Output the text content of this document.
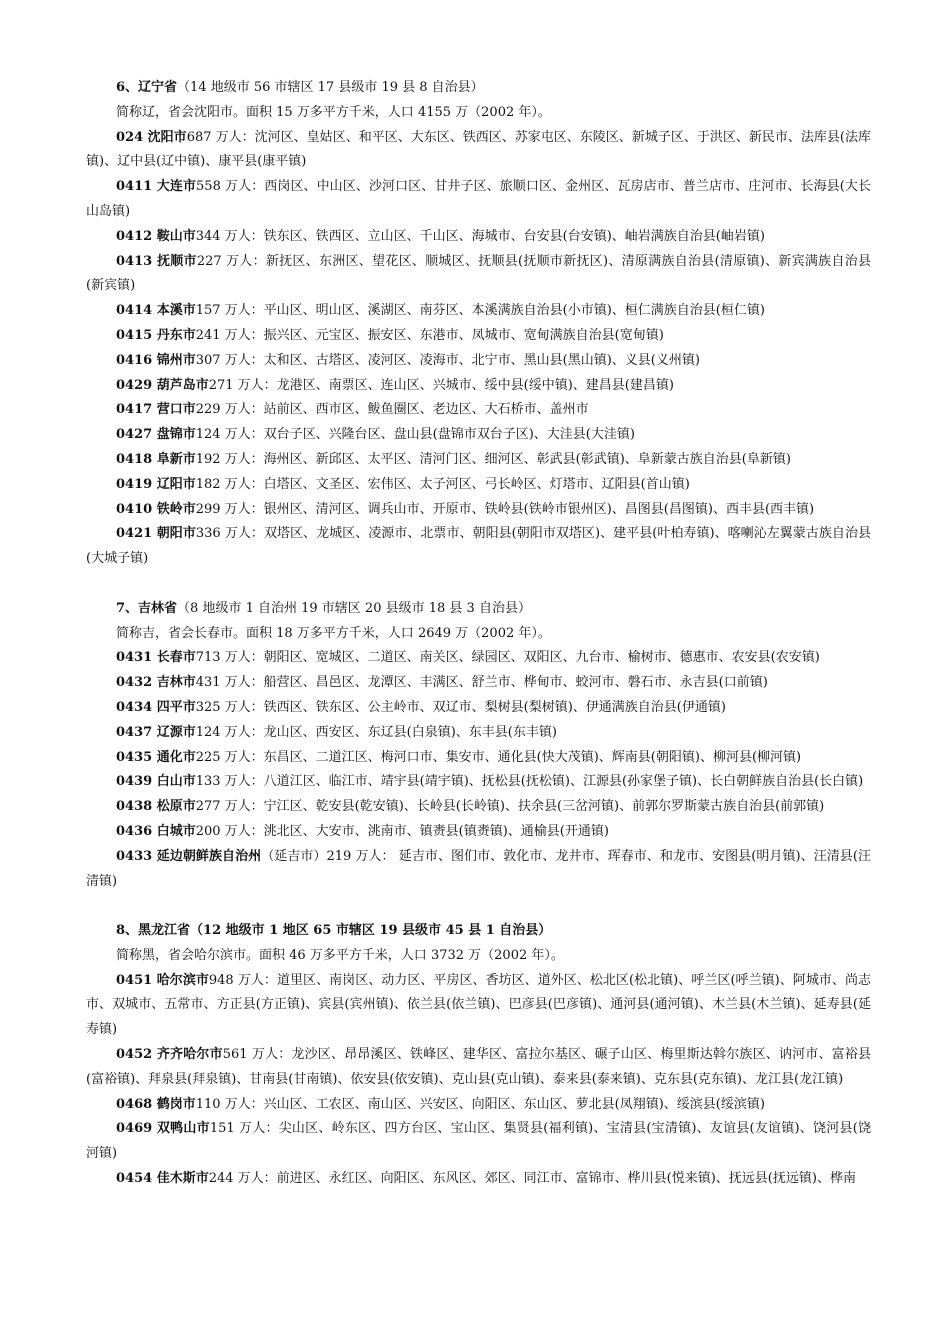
6、辽宁省（14 地级市 56 市辖区 17 县级市 19 县 8 自治县）

简称辽，省会沈阳市。面积 15 万多平方千米，人口 4155 万（2002 年）。

024 沈阳市687 万人：沈河区、皇姑区、和平区、大东区、铁西区、苏家屯区、东陵区、新城子区、于洪区、新民市、法库县(法库镇)、辽中县(辽中镇)、康平县(康平镇)

0411 大连市558 万人：西岗区、中山区、沙河口区、甘井子区、旅顺口区、金州区、瓦房店市、普兰店市、庄河市、长海县(大长山岛镇)

0412 鞍山市344 万人：铁东区、铁西区、立山区、千山区、海城市、台安县(台安镇)、岫岩满族自治县(岫岩镇)

0413 抚顺市227 万人：新抚区、东洲区、望花区、顺城区、抚顺县(抚顺市新抚区)、清原满族自治县(清原镇)、新宾满族自治县(新宾镇)

0414 本溪市157 万人：平山区、明山区、溪湖区、南芬区、本溪满族自治县(小市镇)、桓仁满族自治县(桓仁镇)

0415 丹东市241 万人：振兴区、元宝区、振安区、东港市、凤城市、宽甸满族自治县(宽甸镇)

0416 锦州市307 万人：太和区、古塔区、凌河区、凌海市、北宁市、黑山县(黑山镇)、义县(义州镇)

0429 葫芦岛市271 万人：龙港区、南票区、连山区、兴城市、绥中县(绥中镇)、建昌县(建昌镇)

0417 营口市229 万人：站前区、西市区、鲅鱼圈区、老边区、大石桥市、盖州市

0427 盘锦市124 万人：双台子区、兴隆台区、盘山县(盘锦市双台子区)、大洼县(大洼镇)

0418 阜新市192 万人：海州区、新邱区、太平区、清河门区、细河区、彰武县(彰武镇)、阜新蒙古族自治县(阜新镇)

0419 辽阳市182 万人：白塔区、文圣区、宏伟区、太子河区、弓长岭区、灯塔市、辽阳县(首山镇)

0410 铁岭市299 万人：银州区、清河区、调兵山市、开原市、铁岭县(铁岭市银州区)、昌图县(昌图镇)、西丰县(西丰镇)

0421 朝阳市336 万人：双塔区、龙城区、凌源市、北票市、朝阳县(朝阳市双塔区)、建平县(叶柏寿镇)、喀喇沁左翼蒙古族自治县(大城子镇)

7、吉林省（8 地级市 1 自治州 19 市辖区 20 县级市 18 县 3 自治县）

简称吉，省会长春市。面积 18 万多平方千米，人口 2649 万（2002 年）。

0431 长春市713 万人：朝阳区、宽城区、二道区、南关区、绿园区、双阳区、九台市、榆树市、德惠市、农安县(农安镇)

0432 吉林市431 万人：船营区、昌邑区、龙潭区、丰满区、舒兰市、桦甸市、蛟河市、磐石市、永吉县(口前镇)

0434 四平市325 万人：铁西区、铁东区、公主岭市、双辽市、梨树县(梨树镇)、伊通满族自治县(伊通镇)

0437 辽源市124 万人：龙山区、西安区、东辽县(白泉镇)、东丰县(东丰镇)

0435 通化市225 万人：东昌区、二道江区、梅河口市、集安市、通化县(快大茂镇)、辉南县(朝阳镇)、柳河县(柳河镇)

0439 白山市133 万人：八道江区、临江市、靖宇县(靖宇镇)、抚松县(抚松镇)、江源县(孙家堡子镇)、长白朝鲜族自治县(长白镇)

0438 松原市277 万人：宁江区、乾安县(乾安镇)、长岭县(长岭镇)、扶余县(三岔河镇)、前郭尔罗斯蒙古族自治县(前郭镇)

0436 白城市200 万人：洮北区、大安市、洮南市、镇赉县(镇赉镇)、通榆县(开通镇)

0433 延边朝鲜族自治州（延吉市）219 万人： 延吉市、图们市、敦化市、龙井市、珲春市、和龙市、安图县(明月镇)、汪清县(汪清镇)

8、黑龙江省（12 地级市 1 地区 65 市辖区 19 县级市 45 县 1 自治县）

简称黑，省会哈尔滨市。面积 46 万多平方千米，人口 3732 万（2002 年）。

0451 哈尔滨市948 万人：道里区、南岗区、动力区、平房区、香坊区、道外区、松北区(松北镇)、呼兰区(呼兰镇)、阿城市、尚志市、双城市、五常市、方正县(方正镇)、宾县(宾州镇)、依兰县(依兰镇)、巴彦县(巴彦镇)、通河县(通河镇)、木兰县(木兰镇)、延寿县(延寿镇)

0452 齐齐哈尔市561 万人：龙沙区、昂昂溪区、铁峰区、建华区、富拉尔基区、碾子山区、梅里斯达斡尔族区、讷河市、富裕县(富裕镇)、拜泉县(拜泉镇)、甘南县(甘南镇)、依安县(依安镇)、克山县(克山镇)、泰来县(泰来镇)、克东县(克东镇)、龙江县(龙江镇)

0468 鹤岗市110 万人：兴山区、工农区、南山区、兴安区、向阳区、东山区、萝北县(凤翔镇)、绥滨县(绥滨镇)

0469 双鸭山市151 万人：尖山区、岭东区、四方台区、宝山区、集贤县(福利镇)、宝清县(宝清镇)、友谊县(友谊镇)、饶河县(饶河镇)

0454 佳木斯市244 万人：前进区、永红区、向阳区、东风区、郊区、同江市、富锦市、桦川县(悦来镇)、抚远县(抚远镇)、桦南
